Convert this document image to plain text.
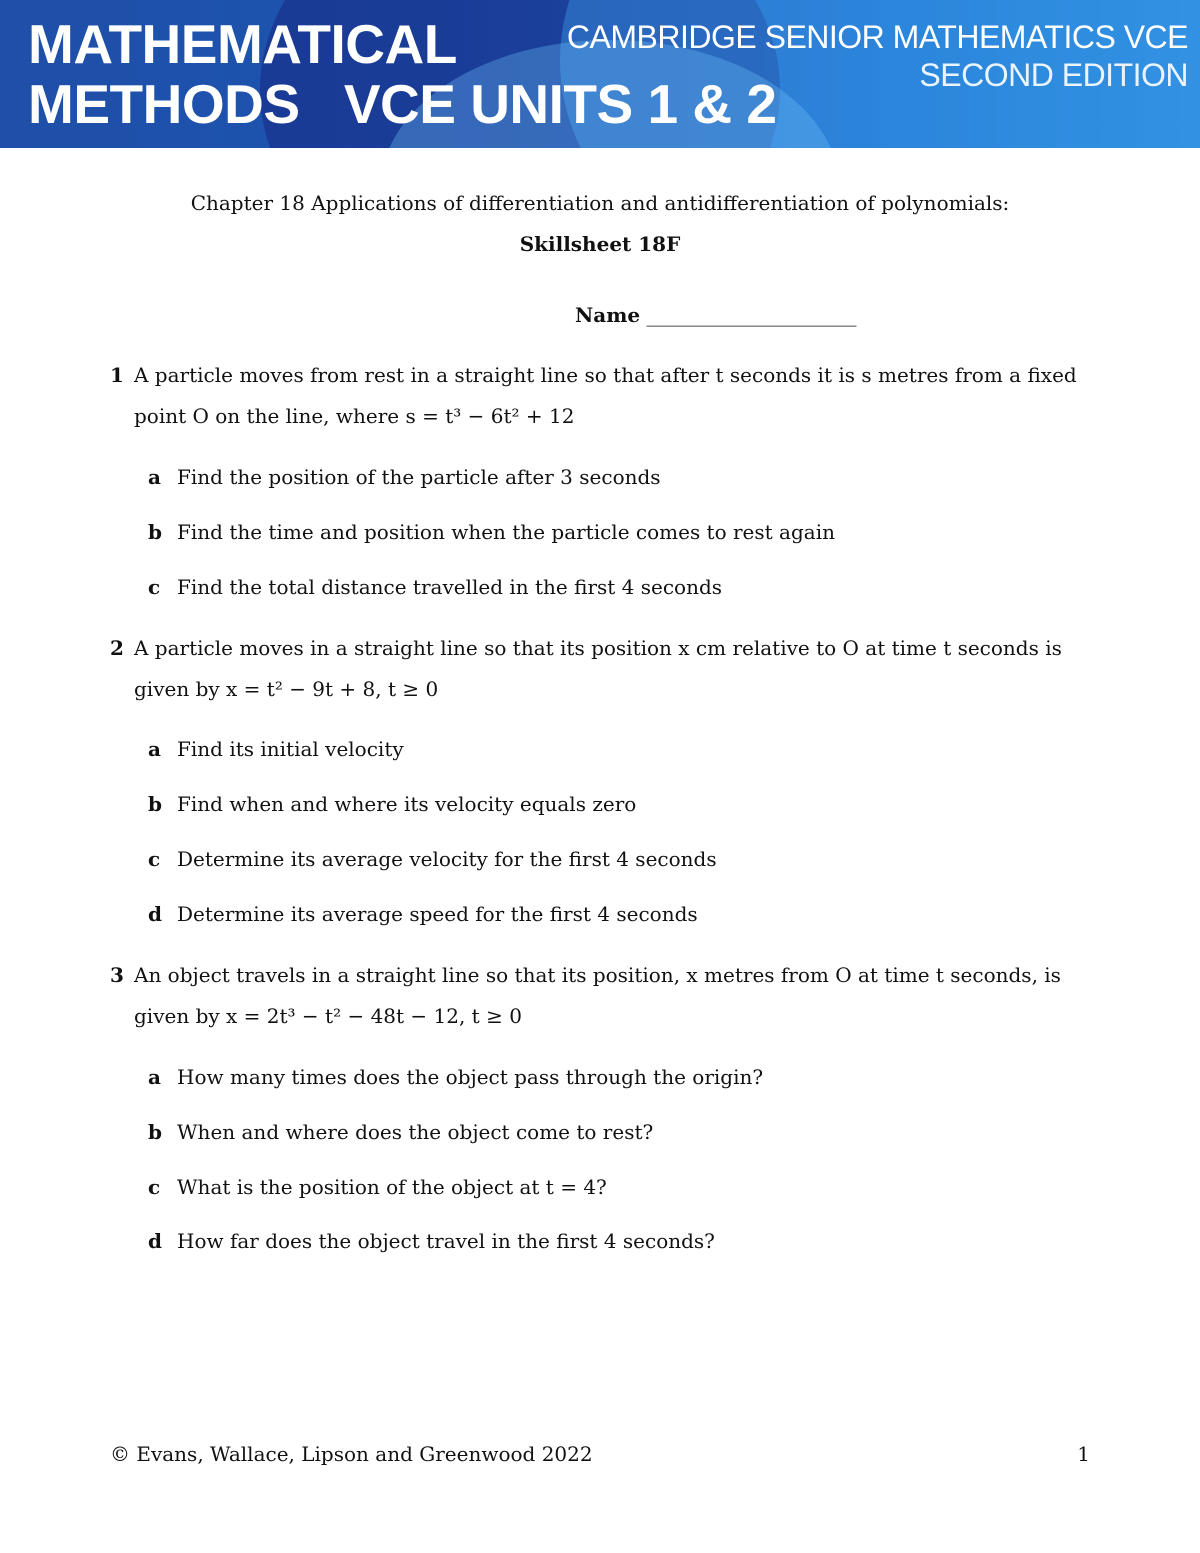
MATHEMATICAL
METHODS   VCE UNITS 1 & 2
CAMBRIDGE SENIOR MATHEMATICS VCE
SECOND EDITION
Chapter 18 Applications of differentiation and antidifferentiation of polynomials:
Skillsheet 18F
Name _____________________
1 A particle moves from rest in a straight line so that after t seconds it is s metres from a fixed
point O on the line, where s = t³ − 6t² + 12
a Find the position of the particle after 3 seconds
b Find the time and position when the particle comes to rest again
c Find the total distance travelled in the first 4 seconds
2 A particle moves in a straight line so that its position x cm relative to O at time t seconds is
given by x = t² − 9t + 8, t ≥ 0
a Find its initial velocity
b Find when and where its velocity equals zero
c Determine its average velocity for the first 4 seconds
d Determine its average speed for the first 4 seconds
3 An object travels in a straight line so that its position, x metres from O at time t seconds, is
given by x = 2t³ − t² − 48t − 12, t ≥ 0
a How many times does the object pass through the origin?
b When and where does the object come to rest?
c What is the position of the object at t = 4?
d How far does the object travel in the first 4 seconds?
© Evans, Wallace, Lipson and Greenwood 2022	1
